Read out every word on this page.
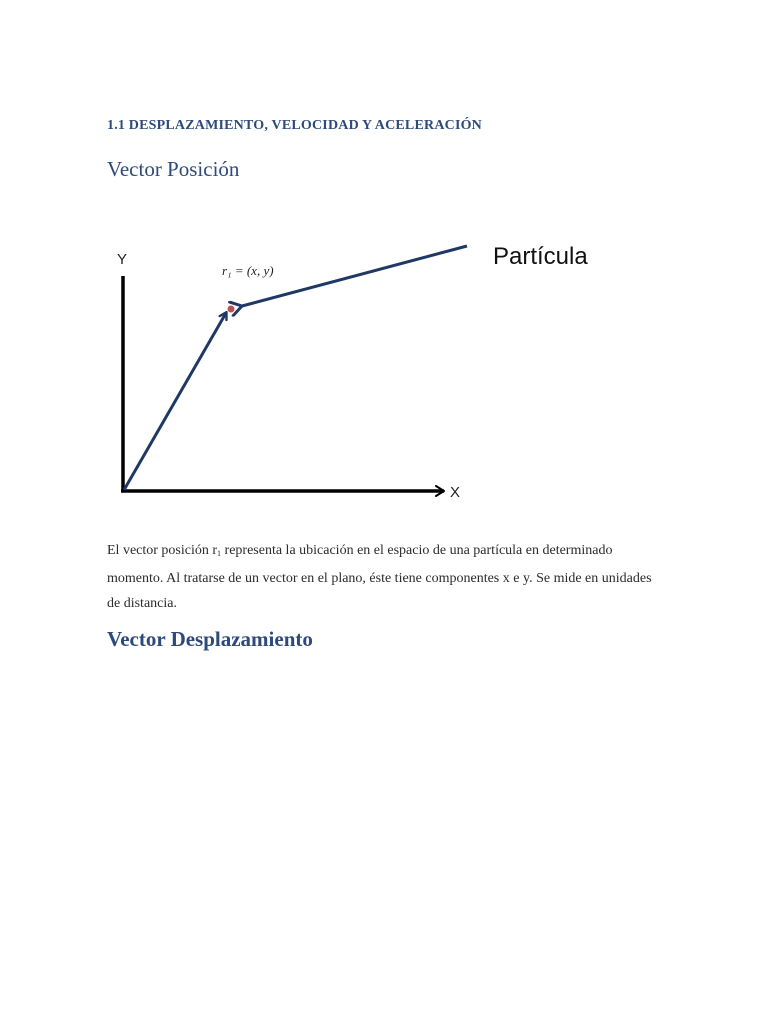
1.1 DESPLAZAMIENTO, VELOCIDAD Y ACELERACIÓN
Vector Posición
Y
X
r₁ = (x, y)
Partícula
El vector posición $r_1$ representa la ubicación en el espacio de una partícula en determinado momento. Al tratarse de un vector en el plano, éste tiene componentes x e y. Se mide en unidades de distancia.
Vector Desplazamiento
